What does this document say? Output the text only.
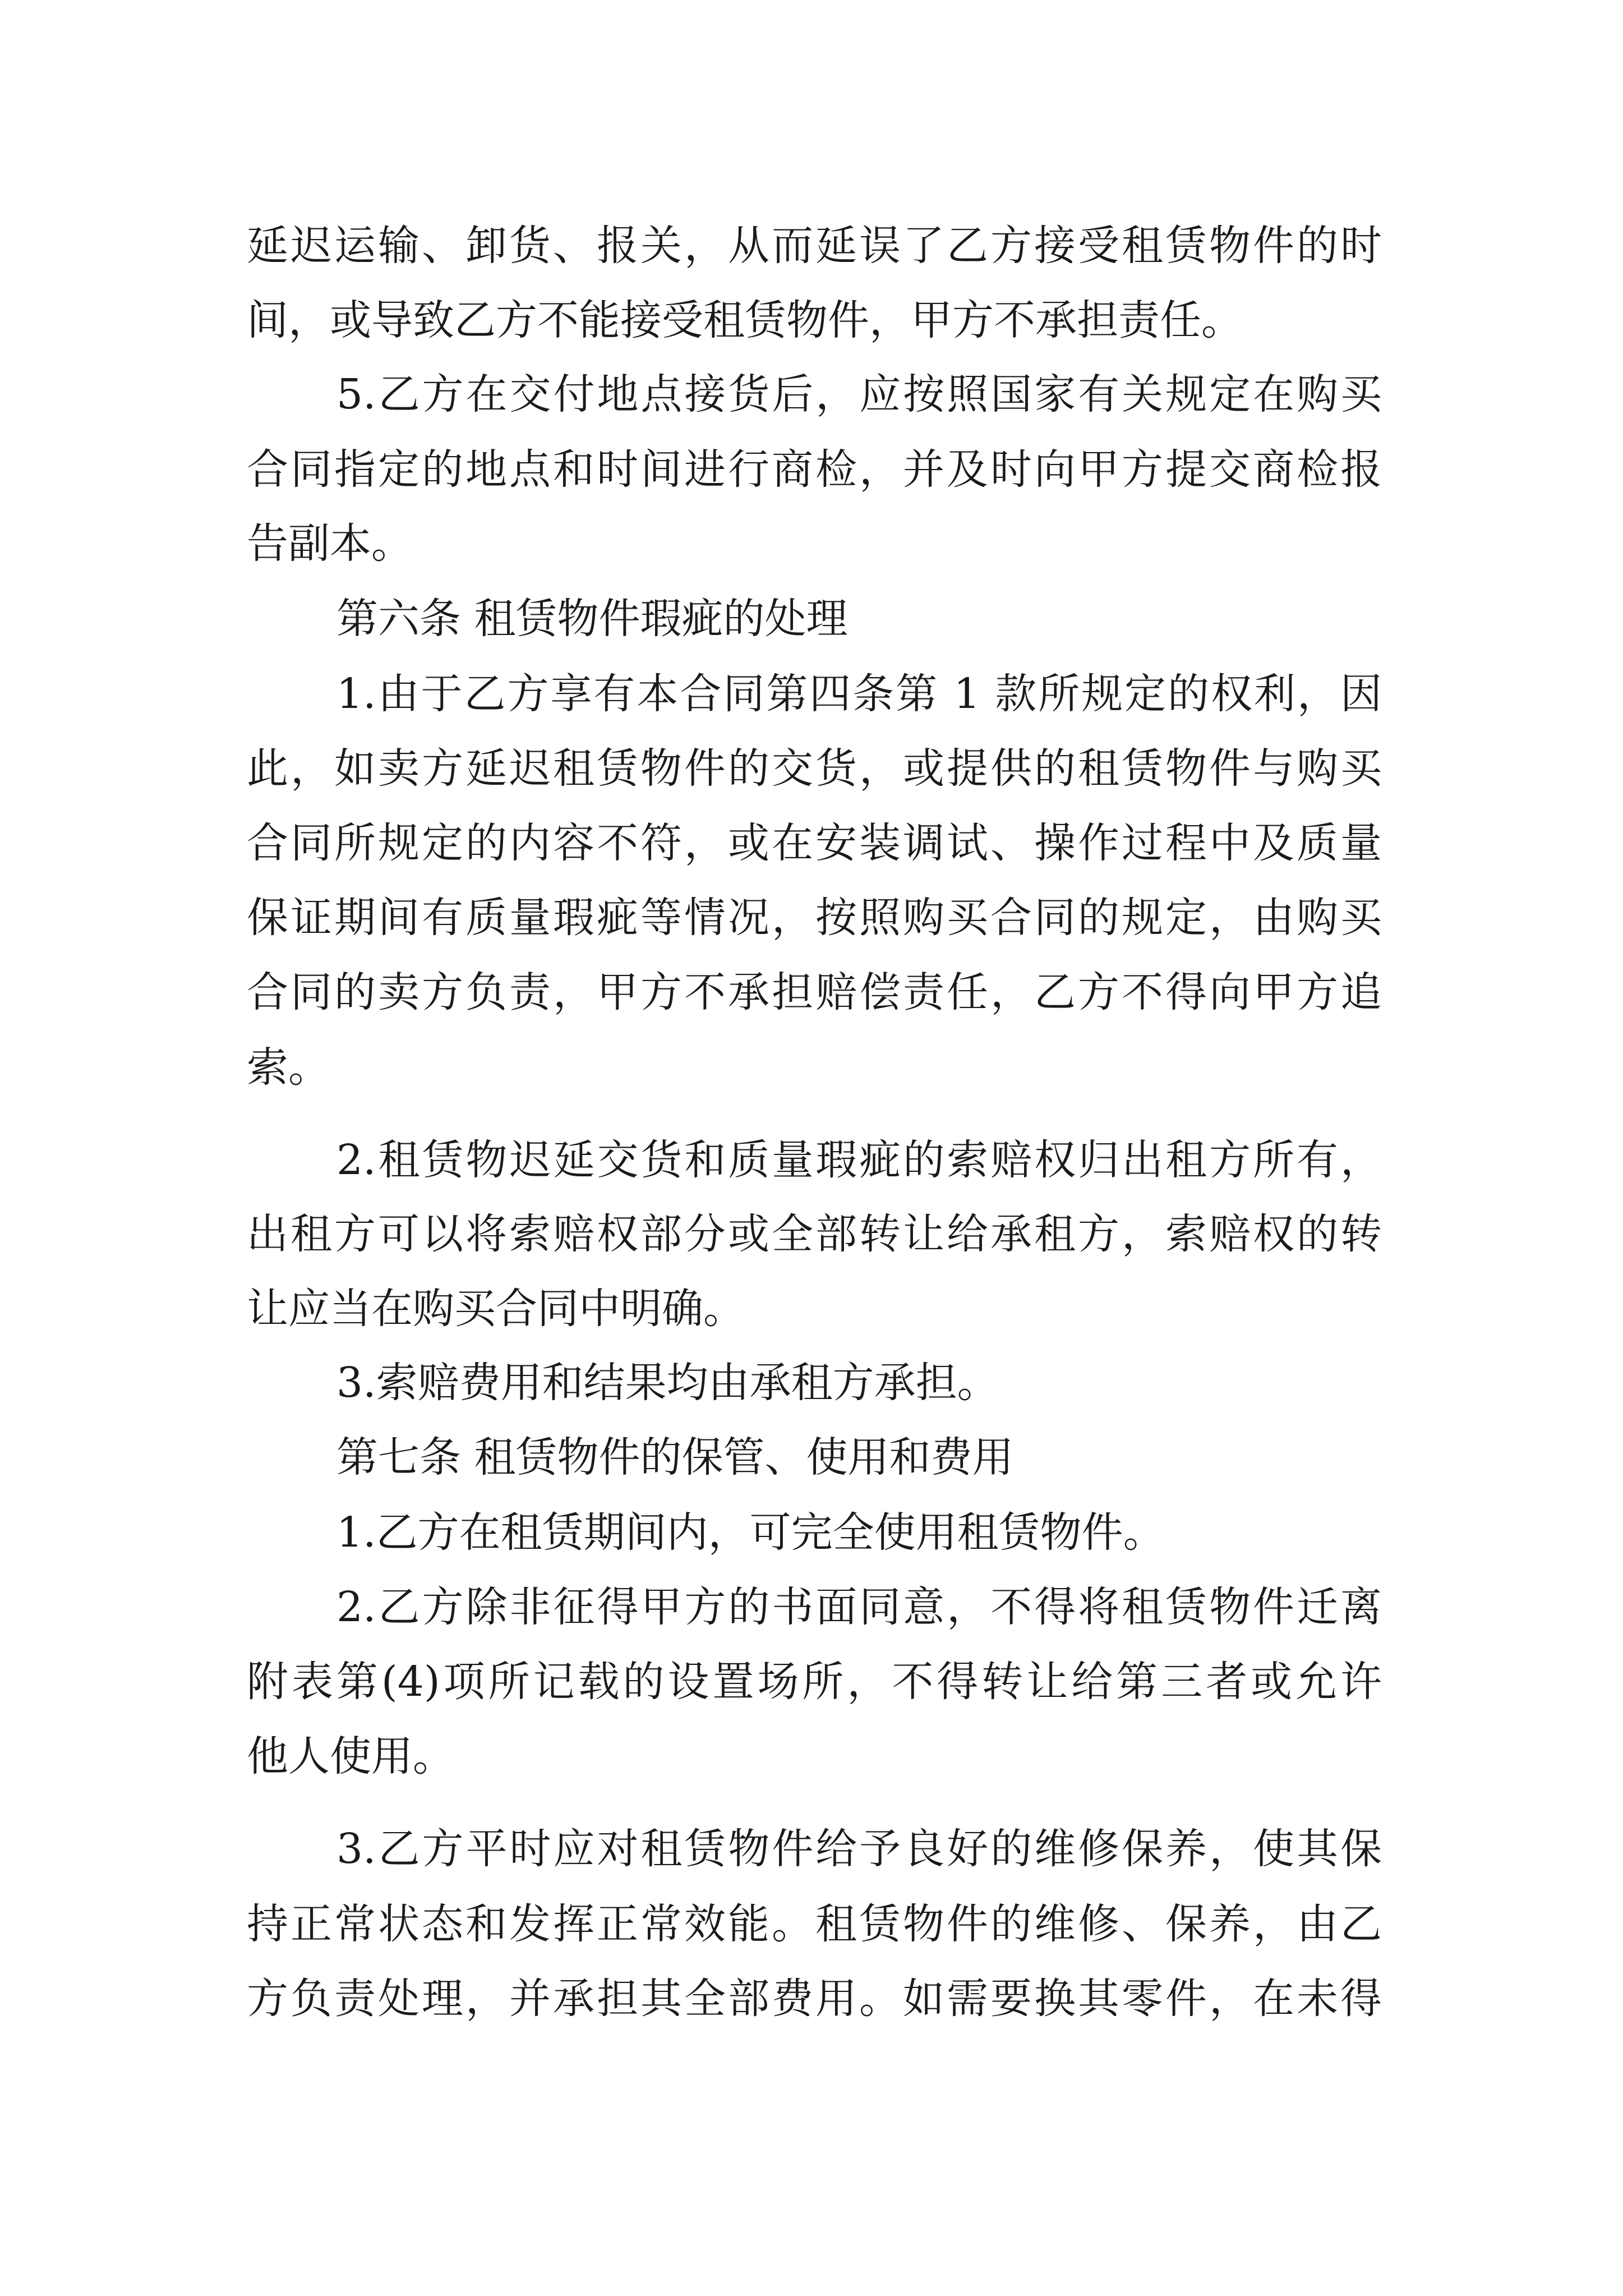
延迟运输、卸货、报关，从而延误了乙方接受租赁物件的时
间，或导致乙方不能接受租赁物件，甲方不承担责任。
5.乙方在交付地点接货后，应按照国家有关规定在购买
合同指定的地点和时间进行商检，并及时向甲方提交商检报
告副本。
第六条 租赁物件瑕疵的处理
1.由于乙方享有本合同第四条第 1 款所规定的权利，因
此，如卖方延迟租赁物件的交货，或提供的租赁物件与购买
合同所规定的内容不符，或在安装调试、操作过程中及质量
保证期间有质量瑕疵等情况，按照购买合同的规定，由购买
合同的卖方负责，甲方不承担赔偿责任，乙方不得向甲方追
索。
2.租赁物迟延交货和质量瑕疵的索赔权归出租方所有，
出租方可以将索赔权部分或全部转让给承租方，索赔权的转
让应当在购买合同中明确。
3.索赔费用和结果均由承租方承担。
第七条 租赁物件的保管、使用和费用
1.乙方在租赁期间内，可完全使用租赁物件。
2.乙方除非征得甲方的书面同意，不得将租赁物件迁离
附表第(4)项所记载的设置场所，不得转让给第三者或允许
他人使用。
3.乙方平时应对租赁物件给予良好的维修保养，使其保
持正常状态和发挥正常效能。租赁物件的维修、保养，由乙
方负责处理，并承担其全部费用。如需要换其零件，在未得
